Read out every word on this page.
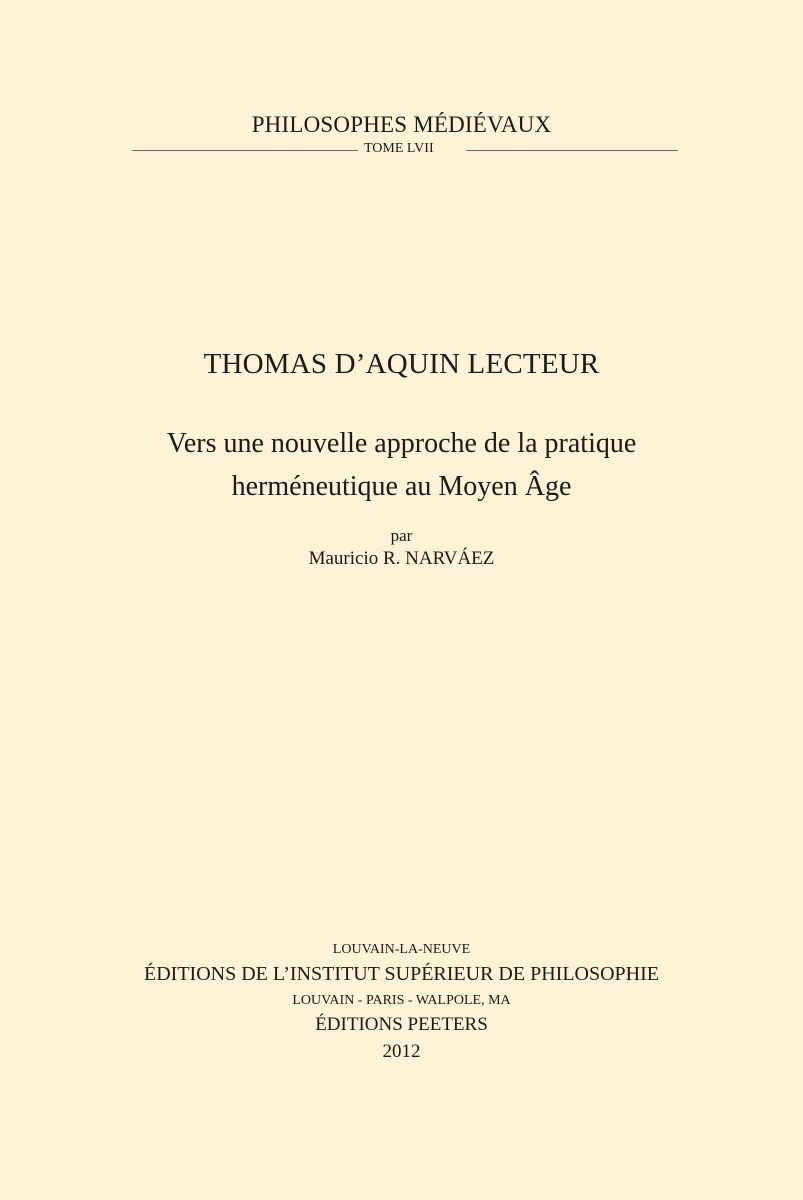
PHILOSOPHES MÉDIÉVAUX
TOME LVII
THOMAS D’AQUIN LECTEUR
Vers une nouvelle approche de la pratique
herméneutique au Moyen Âge
par
Mauricio R. NARVÁEZ
LOUVAIN-LA-NEUVE
ÉDITIONS DE L’INSTITUT SUPÉRIEUR DE PHILOSOPHIE
LOUVAIN - PARIS - WALPOLE, MA
ÉDITIONS PEETERS
2012
